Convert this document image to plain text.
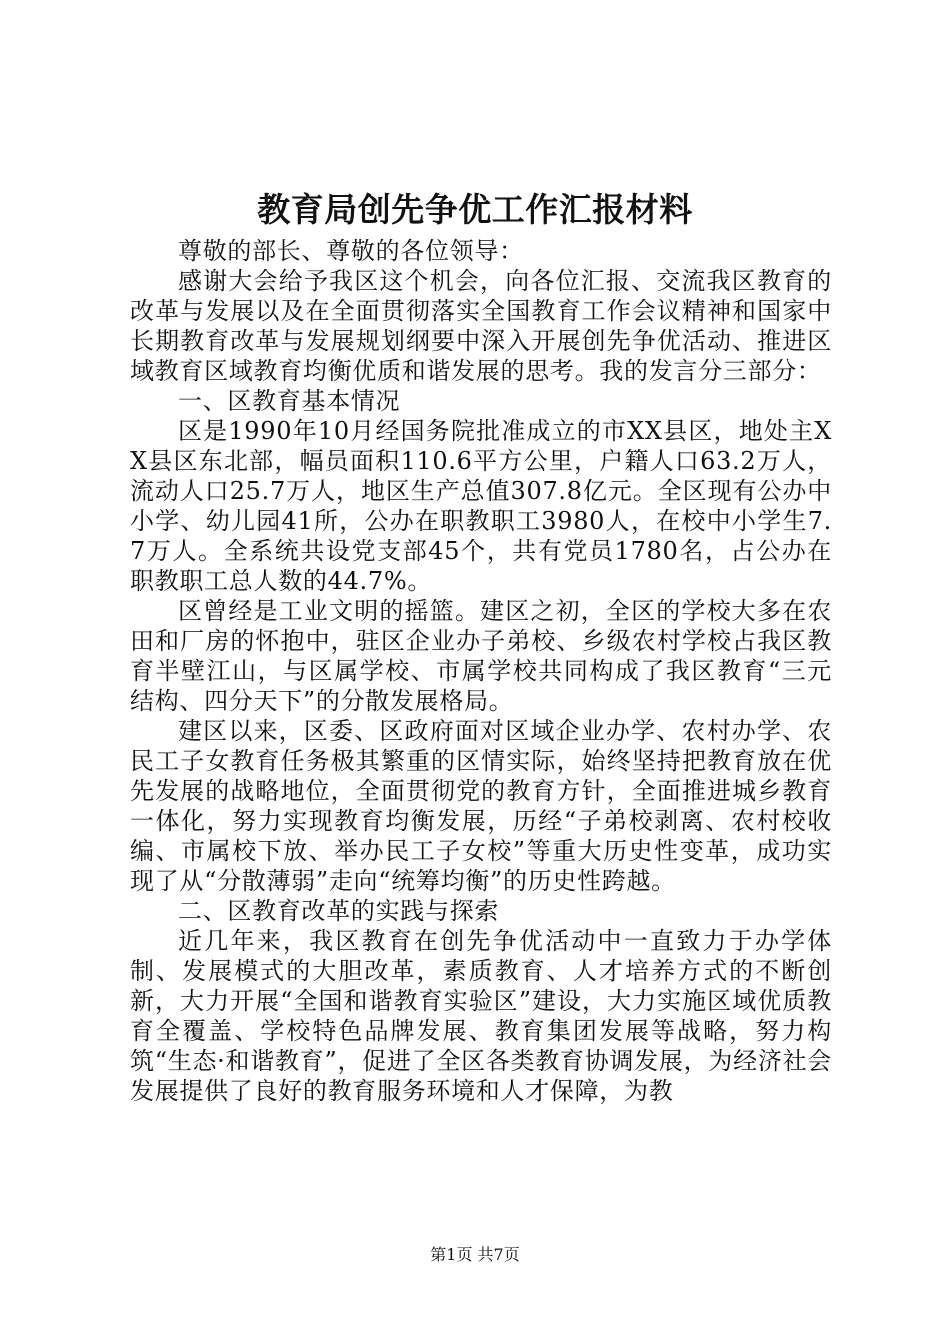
教育局创先争优工作汇报材料

尊敬的部长、尊敬的各位领导：

感谢大会给予我区这个机会，向各位汇报、交流我区教育的改革与发展以及在全面贯彻落实全国教育工作会议精神和国家中长期教育改革与发展规划纲要中深入开展创先争优活动、推进区域教育区域教育均衡优质和谐发展的思考。我的发言分三部分：

一、区教育基本情况

区是1990年10月经国务院批准成立的市XX县区，地处主XX县区东北部，幅员面积110.6平方公里，户籍人口63.2万人，流动人口25.7万人，地区生产总值307.8亿元。全区现有公办中小学、幼儿园41所，公办在职教职工3980人，在校中小学生7.7万人。全系统共设党支部45个，共有党员1780名，占公办在职教职工总人数的44.7%。

区曾经是工业文明的摇篮。建区之初，全区的学校大多在农田和厂房的怀抱中，驻区企业办子弟校、乡级农村学校占我区教育半壁江山，与区属学校、市属学校共同构成了我区教育“三元结构、四分天下”的分散发展格局。

建区以来，区委、区政府面对区域企业办学、农村办学、农民工子女教育任务极其繁重的区情实际，始终坚持把教育放在优先发展的战略地位，全面贯彻党的教育方针，全面推进城乡教育一体化，努力实现教育均衡发展，历经“子弟校剥离、农村校收编、市属校下放、举办民工子女校”等重大历史性变革，成功实现了从“分散薄弱”走向“统筹均衡”的历史性跨越。

二、区教育改革的实践与探索

近几年来，我区教育在创先争优活动中一直致力于办学体制、发展模式的大胆改革，素质教育、人才培养方式的不断创新，大力开展“全国和谐教育实验区”建设，大力实施区域优质教育全覆盖、学校特色品牌发展、教育集团发展等战略，努力构筑“生态·和谐教育”，促进了全区各类教育协调发展，为经济社会发展提供了良好的教育服务环境和人才保障，为教

第1页 共7页
